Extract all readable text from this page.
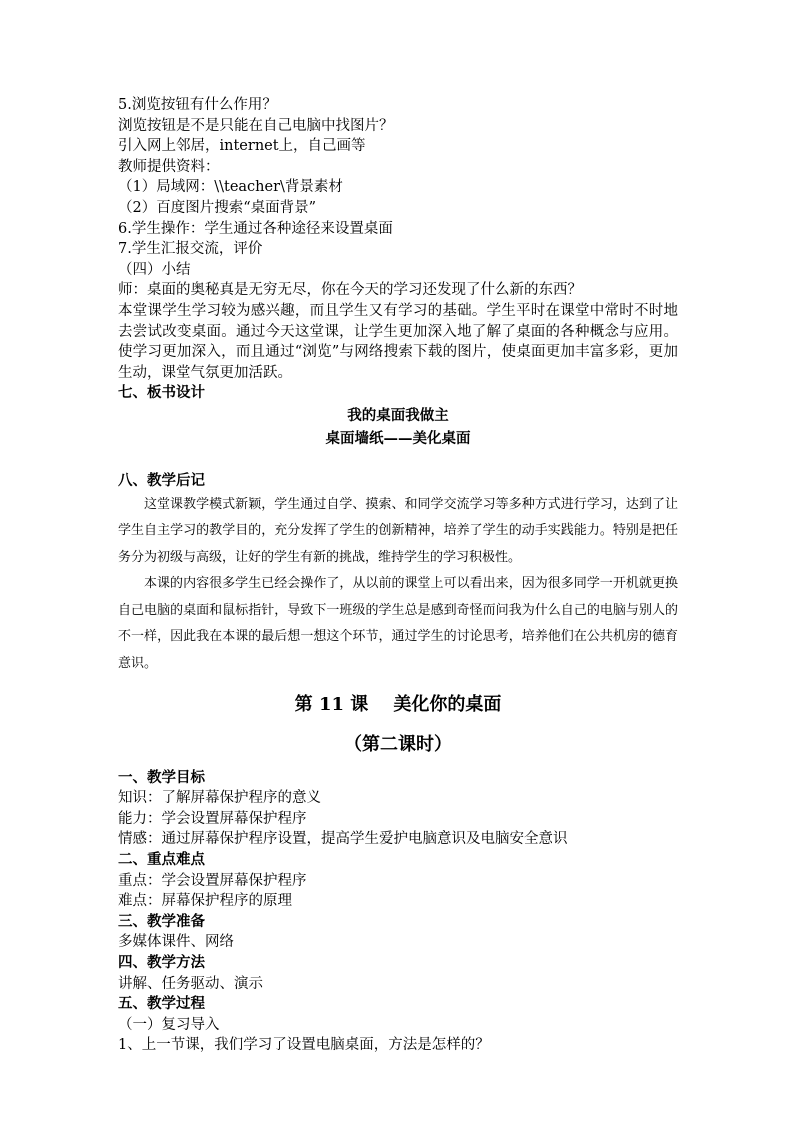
5.浏览按钮有什么作用？
浏览按钮是不是只能在自己电脑中找图片？
引入网上邻居，internet上，自己画等
教师提供资料：
（1）局域网：\\teacher\背景素材
（2）百度图片搜索“桌面背景”
6.学生操作：学生通过各种途径来设置桌面
7.学生汇报交流，评价
（四）小结
师：桌面的奥秘真是无穷无尽，你在今天的学习还发现了什么新的东西？
本堂课学生学习较为感兴趣，而且学生又有学习的基础。学生平时在课堂中常时不时地去尝试改变桌面。通过今天这堂课，让学生更加深入地了解了桌面的各种概念与应用。使学习更加深入，而且通过“浏览”与网络搜索下载的图片，使桌面更加丰富多彩，更加生动，课堂气氛更加活跃。
七、板书设计
我的桌面我做主
桌面墙纸——美化桌面
八、教学后记
这堂课教学模式新颖，学生通过自学、摸索、和同学交流学习等多种方式进行学习，达到了让学生自主学习的教学目的，充分发挥了学生的创新精神，培养了学生的动手实践能力。特别是把任务分为初级与高级，让好的学生有新的挑战，维持学生的学习积极性。
本课的内容很多学生已经会操作了，从以前的课堂上可以看出来，因为很多同学一开机就更换自己电脑的桌面和鼠标指针，导致下一班级的学生总是感到奇怪而问我为什么自己的电脑与别人的不一样，因此我在本课的最后想一想这个环节，通过学生的讨论思考，培养他们在公共机房的德育意识。
第 11 课    美化你的桌面
（第二课时）
一、教学目标
知识：了解屏幕保护程序的意义
能力：学会设置屏幕保护程序
情感：通过屏幕保护程序设置，提高学生爱护电脑意识及电脑安全意识
二、重点难点
重点：学会设置屏幕保护程序
难点：屏幕保护程序的原理
三、教学准备
多媒体课件、网络
四、教学方法
讲解、任务驱动、演示
五、教学过程
（一）复习导入
1、上一节课，我们学习了设置电脑桌面，方法是怎样的？
